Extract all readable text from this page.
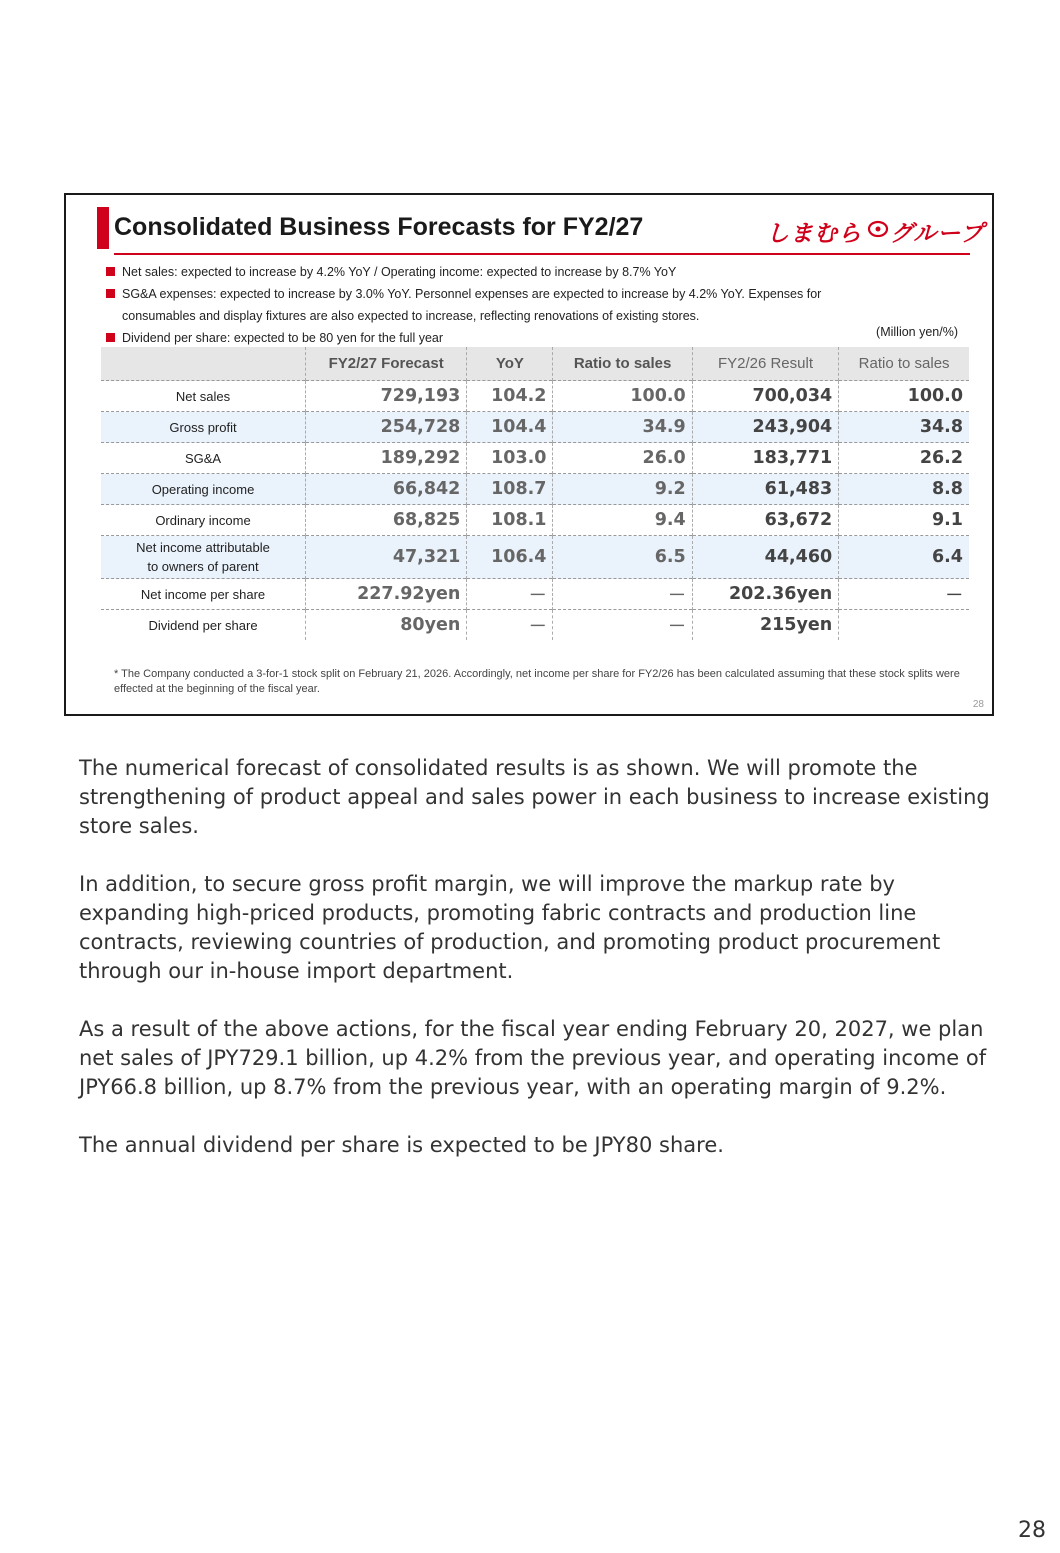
Consolidated Business Forecasts for FY2/27	しまむら グループ
Net sales: expected to increase by 4.2% YoY / Operating income: expected to increase by 8.7% YoY
SG&A expenses: expected to increase by 3.0% YoY. Personnel expenses are expected to increase by 4.2% YoY. Expenses for
consumables and display fixtures are also expected to increase, reflecting renovations of existing stores.
Dividend per share: expected to be 80 yen for the full year	(Million yen/%)
	FY2/27 Forecast	YoY	Ratio to sales	FY2/26 Result	Ratio to sales
Net sales	729,193	104.2	100.0	700,034	100.0
Gross profit	254,728	104.4	34.9	243,904	34.8
SG&A	189,292	103.0	26.0	183,771	26.2
Operating income	66,842	108.7	9.2	61,483	8.8
Ordinary income	68,825	108.1	9.4	63,672	9.1

Net income attributable
to owners of parent	47,321	106.4	6.5	44,460	6.4
Net income per share	227.92yen	－	－	202.36yen	－
Dividend per share	80yen	－	－	215yen	
* The Company conducted a 3-for-1 stock split on February 21, 2026. Accordingly, net income per share for FY2/26 has been calculated assuming that these stock splits were effected at the beginning of the fiscal year.
28

The numerical forecast of consolidated results is as shown. We will promote the strengthening of product appeal and sales power in each business to increase existing store sales.

In addition, to secure gross profit margin, we will improve the markup rate by expanding high-priced products, promoting fabric contracts and production line contracts, reviewing countries of production, and promoting product procurement through our in-house import department.

As a result of the above actions, for the fiscal year ending February 20, 2027, we plan net sales of JPY729.1 billion, up 4.2% from the previous year, and operating income of JPY66.8 billion, up 8.7% from the previous year, with an operating margin of 9.2%.

The annual dividend per share is expected to be JPY80 share.

28
